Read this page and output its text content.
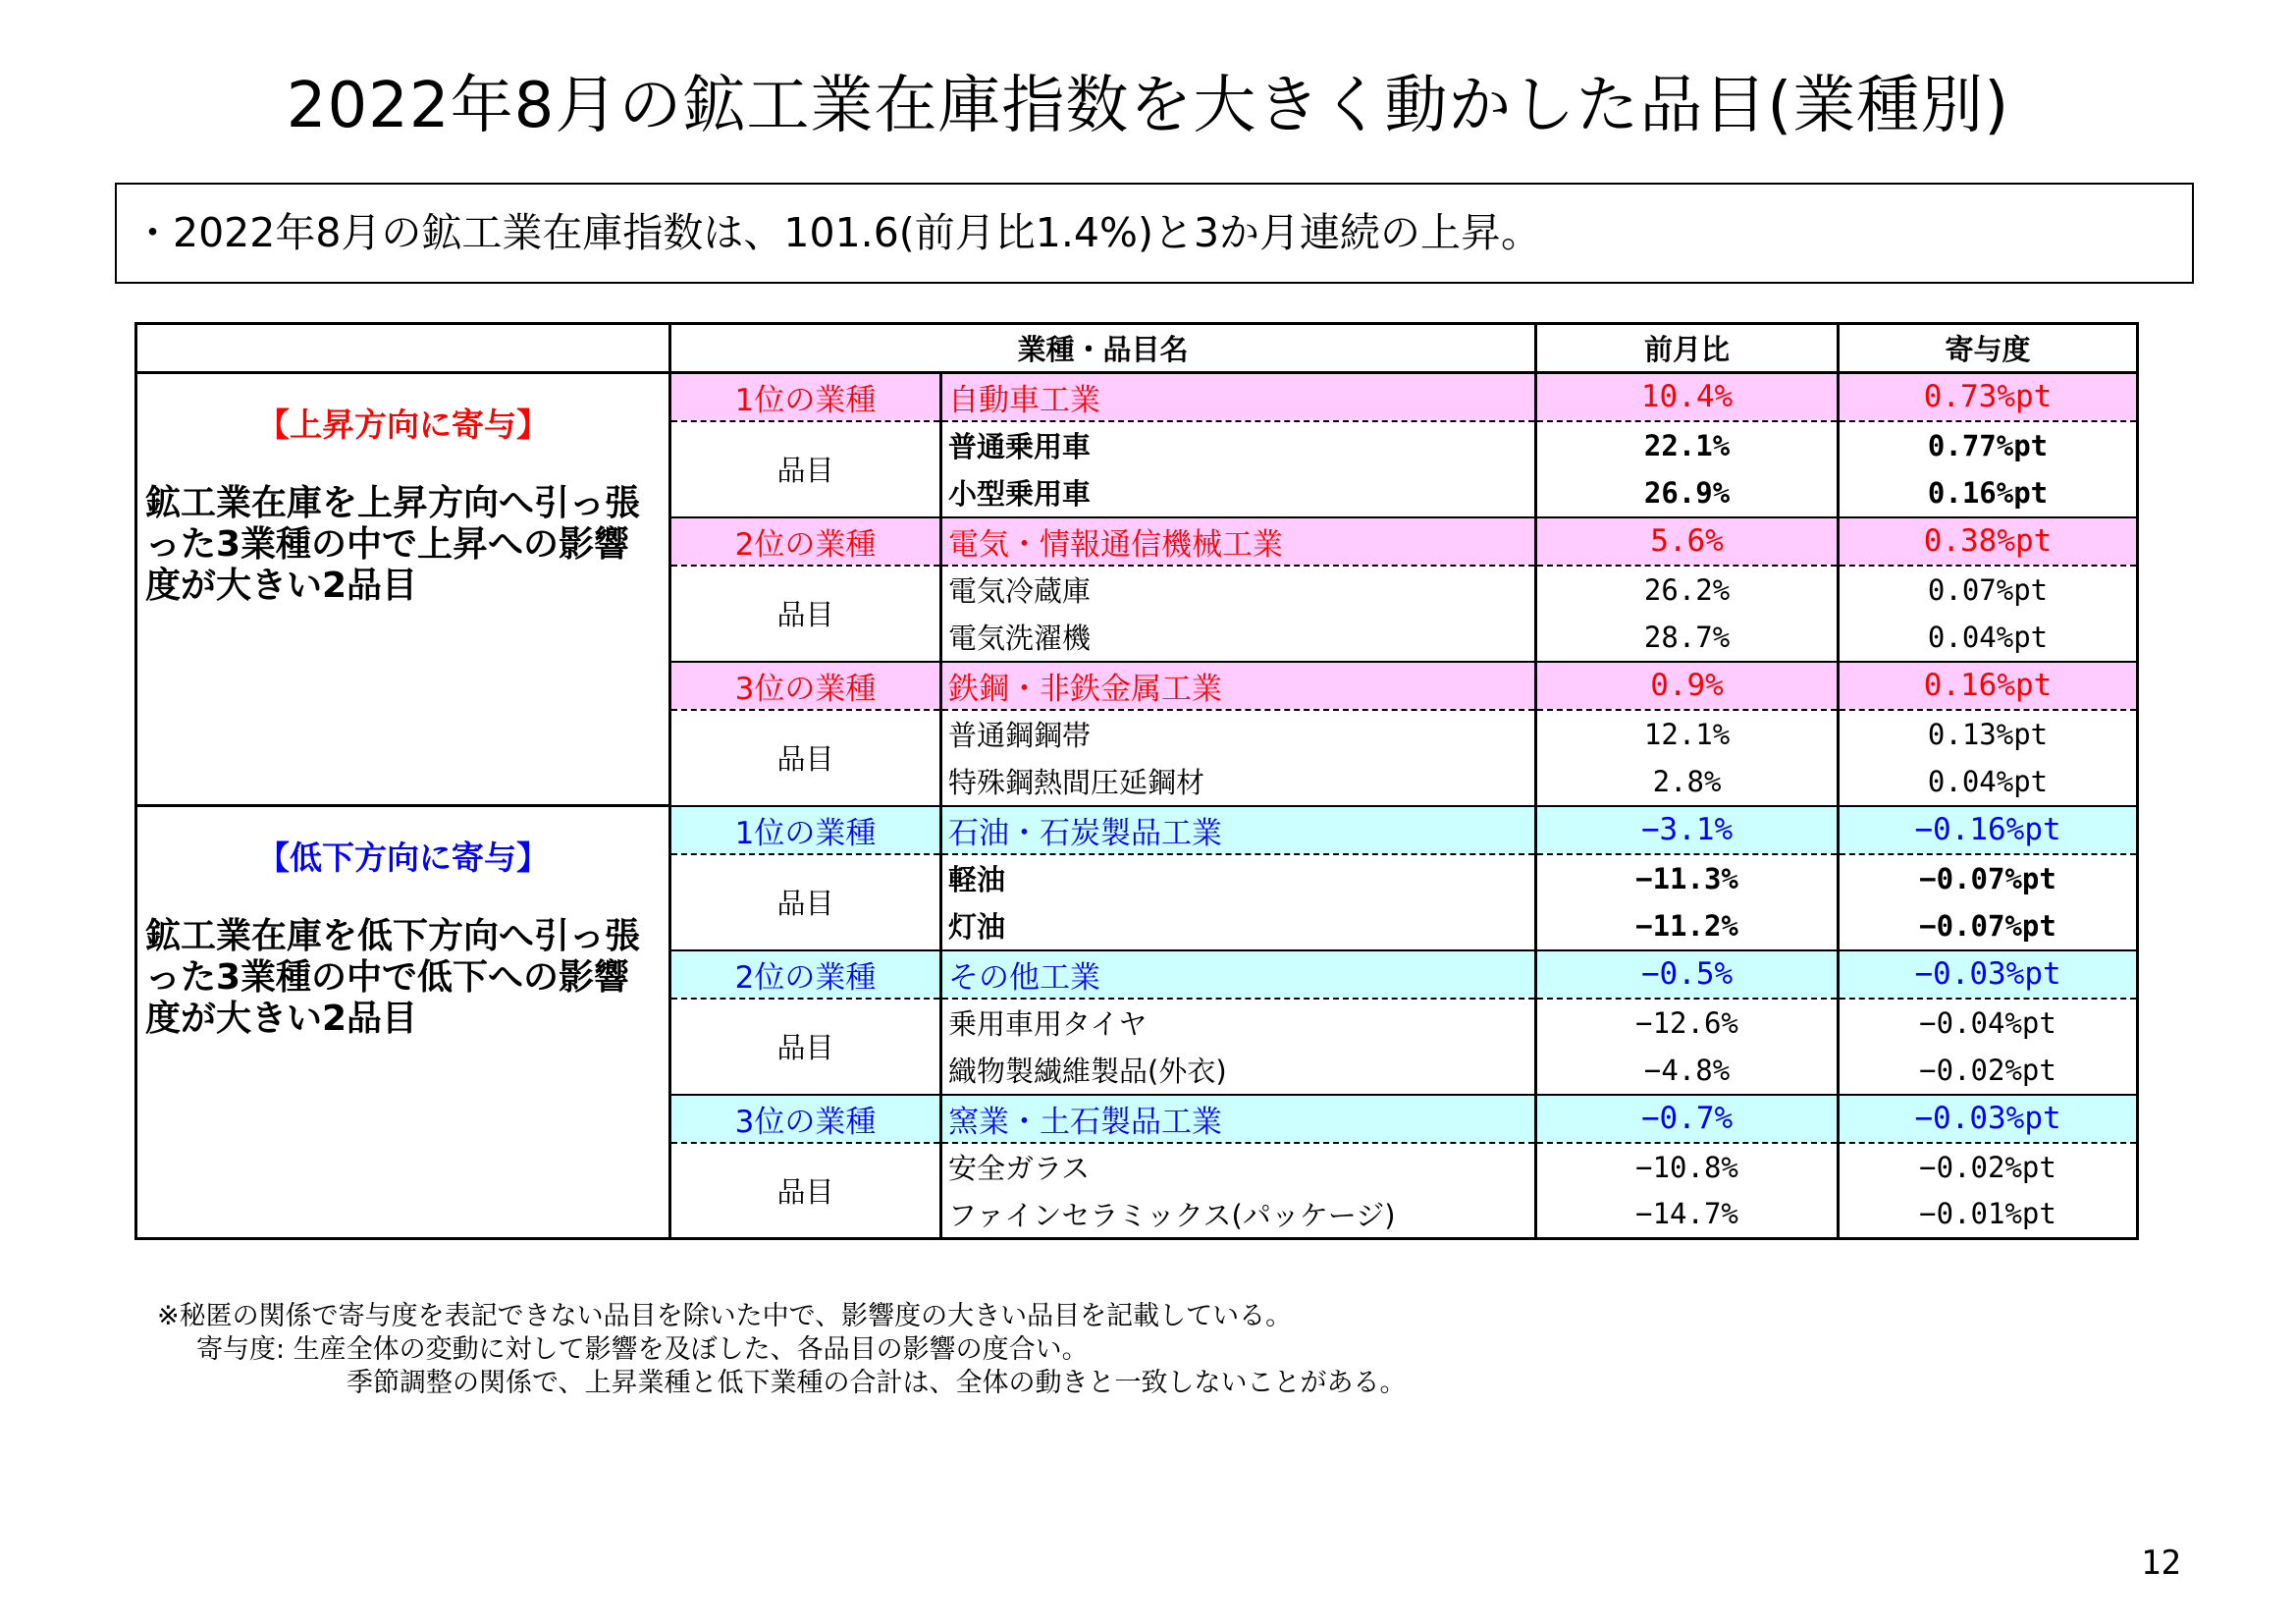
2022年8月の鉱工業在庫指数を大きく動かした品目(業種別)
・2022年8月の鉱工業在庫指数は、101.6(前月比1.4%)と3か月連続の上昇。
	業種・品目名		前月比	寄与度

【上昇方向に寄与】
鉱工業在庫を上昇方向へ引っ張った3業種の中で上昇への影響度が大きい2品目	1位の業種	自動車工業	10.4%	0.73%pt
	品目	普通乗用車	22.1%	0.77%pt
		小型乗用車	26.9%	0.16%pt
	2位の業種	電気・情報通信機械工業	5.6%	0.38%pt
	品目	電気冷蔵庫	26.2%	0.07%pt
		電気洗濯機	28.7%	0.04%pt
	3位の業種	鉄鋼・非鉄金属工業	0.9%	0.16%pt
	品目	普通鋼鋼帯	12.1%	0.13%pt
		特殊鋼熱間圧延鋼材	2.8%	0.04%pt

【低下方向に寄与】
鉱工業在庫を低下方向へ引っ張った3業種の中で低下への影響度が大きい2品目	1位の業種	石油・石炭製品工業	−3.1%	−0.16%pt
	品目	軽油	−11.3%	−0.07%pt
		灯油	−11.2%	−0.07%pt
	2位の業種	その他工業	−0.5%	−0.03%pt
	品目	乗用車用タイヤ	−12.6%	−0.04%pt
		織物製繊維製品(外衣)	−4.8%	−0.02%pt
	3位の業種	窯業・土石製品工業	−0.7%	−0.03%pt
	品目	安全ガラス	−10.8%	−0.02%pt
		ファインセラミックス(パッケージ)	−14.7%	−0.01%pt
※秘匿の関係で寄与度を表記できない品目を除いた中で、影響度の大きい品目を記載している。
寄与度: 生産全体の変動に対して影響を及ぼした、各品目の影響の度合い。
季節調整の関係で、上昇業種と低下業種の合計は、全体の動きと一致しないことがある。
12
